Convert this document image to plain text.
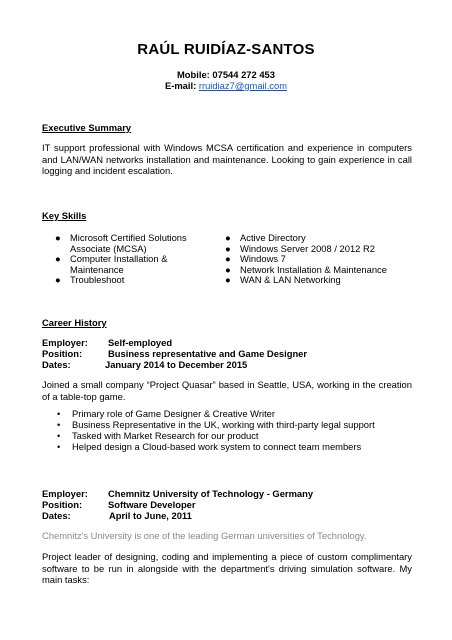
RAÚL RUIDÍAZ-SANTOS
Mobile: 07544 272 453
E-mail: rruidiaz7@gmail.com
Executive Summary
IT support professional with Windows MCSA certification and experience in computers and LAN/WAN networks installation and maintenance. Looking to gain experience in call logging and incident escalation.
Key Skills
● Microsoft Certified Solutions
Associate (MCSA)
● Computer Installation &
Maintenance
● Troubleshoot
● Active Directory
● Windows Server 2008 / 2012 R2
● Windows 7
● Network Installation & Maintenance
● WAN & LAN Networking
Career History
Employer: Self-employed
Position:	Business representative and Game Designer
Dates:	January 2014 to December 2015
Joined a small company “Project Quasar” based in Seattle, USA, working in the creation of a table-top game.
• Primary role of Game Designer & Creative Writer
• Business Representative in the UK, working with third-party legal support
• Tasked with Market Research for our product
• Helped design a Cloud-based work system to connect team members
Employer: Chemnitz University of Technology - Germany
Position:	Software Developer
Dates:	April to June, 2011
Chemnitz's University is one of the leading German universities of Technology.
Project leader of designing, coding and implementing a piece of custom complimentary software to be run in alongside with the department's driving simulation software. My main tasks:
